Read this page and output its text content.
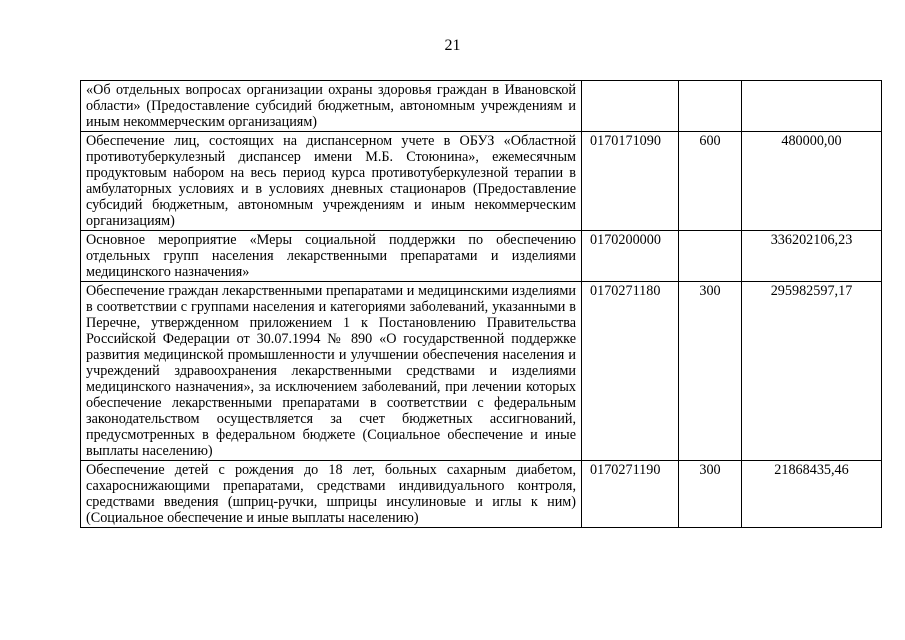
21
«Об отдельных вопросах организации охраны здоровья граждан в Ивановской области» (Предоставление субсидий бюджетным, автономным учреждениям и иным некоммерческим организациям)			
Обеспечение лиц, состоящих на диспансерном учете в ОБУЗ «Областной противотуберкулезный диспансер имени М.Б. Стоюнина», ежемесячным продуктовым набором на весь период курса противотуберкулезной терапии в амбулаторных условиях и в условиях дневных стационаров (Предоставление субсидий бюджетным, автономным учреждениям и иным некоммерческим организациям)	0170171090	600	480000,00
Основное мероприятие «Меры социальной поддержки по обеспечению отдельных групп населения лекарственными препаратами и изделиями медицинского назначения»	0170200000		336202106,23
Обеспечение граждан лекарственными препаратами и медицинскими изделиями в соответствии с группами населения и категориями заболеваний, указанными в Перечне, утвержденном приложением 1 к Постановлению Правительства Российской Федерации от 30.07.1994 № 890 «О государственной поддержке развития медицинской промышленности и улучшении обеспечения населения и учреждений здравоохранения лекарственными средствами и изделиями медицинского назначения», за исключением заболеваний, при лечении которых обеспечение лекарственными препаратами в соответствии с федеральным законодательством осуществляется за счет бюджетных ассигнований, предусмотренных в федеральном бюджете (Социальное обеспечение и иные выплаты населению)	0170271180	300	295982597,17
Обеспечение детей с рождения до 18 лет, больных сахарным диабетом, сахароснижающими препаратами, средствами индивидуального контроля, средствами введения (шприц-ручки, шприцы инсулиновые и иглы к ним) (Социальное обеспечение и иные выплаты населению)	0170271190	300	21868435,46
